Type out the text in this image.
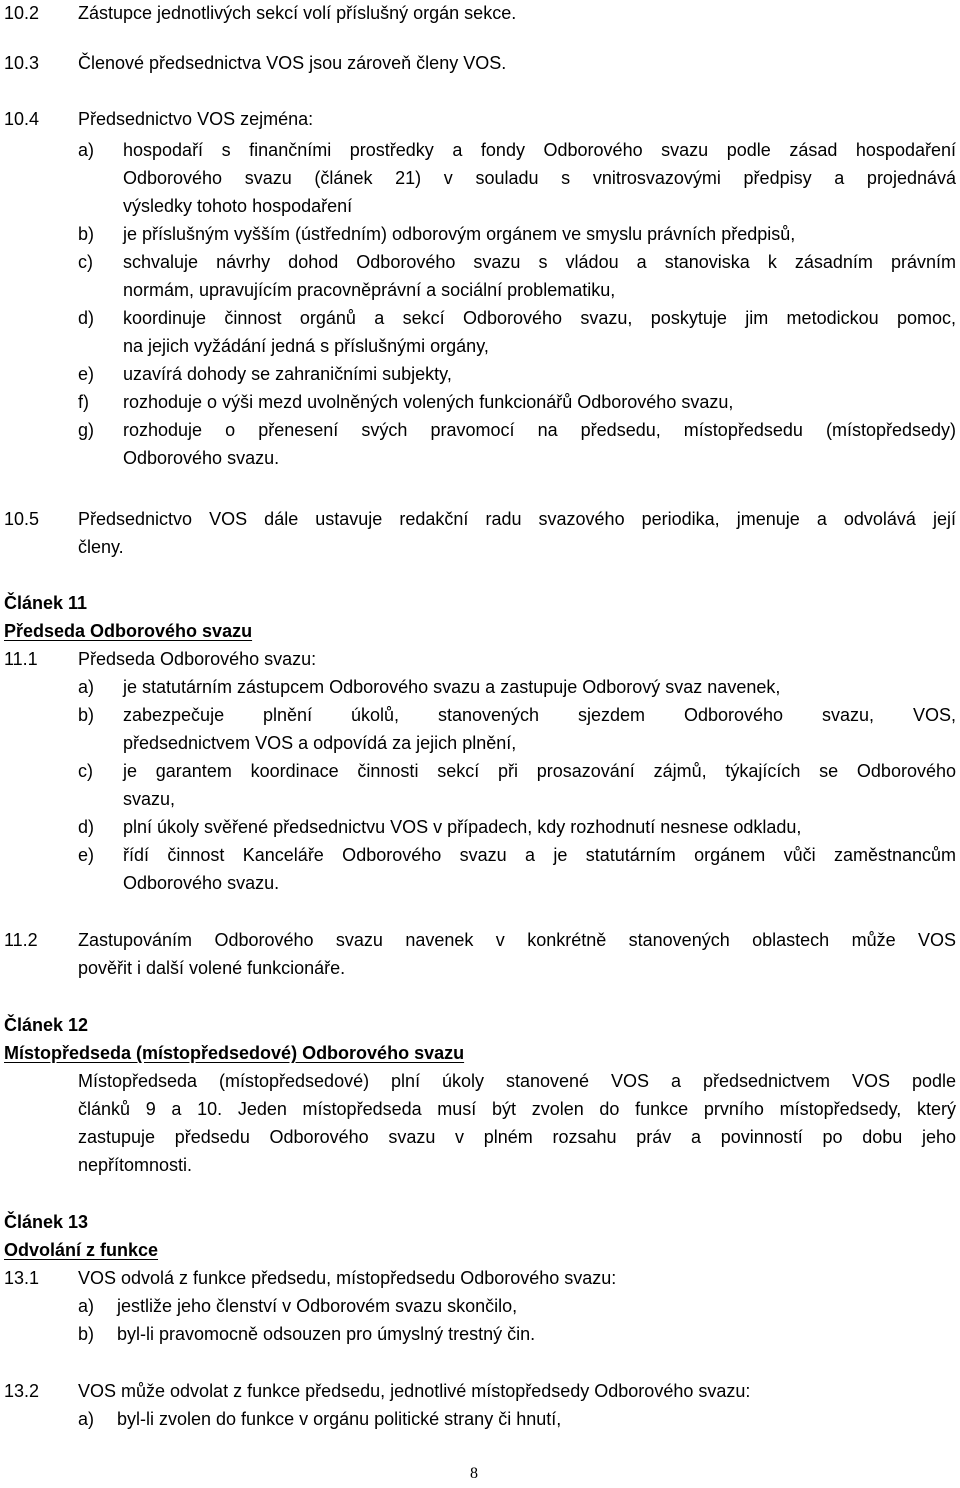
10.2 Zástupce jednotlivých sekcí volí příslušný orgán sekce.
10.3 Členové předsednictva VOS jsou zároveň členy VOS.
10.4 Předsednictvo VOS zejména:
a) hospodaří s finančními prostředky a fondy Odborového svazu podle zásad hospodaření
Odborového svazu (článek 21) v souladu s vnitrosvazovými předpisy a projednává
výsledky tohoto hospodaření
b) je příslušným vyšším (ústředním) odborovým orgánem ve smyslu právních předpisů,
c) schvaluje návrhy dohod Odborového svazu s vládou a stanoviska k zásadním právním
normám, upravujícím pracovněprávní a sociální problematiku,
d) koordinuje činnost orgánů a sekcí Odborového svazu, poskytuje jim metodickou pomoc,
na jejich vyžádání jedná s příslušnými orgány,
e) uzavírá dohody se zahraničními subjekty,
f) rozhoduje o výši mezd uvolněných volených funkcionářů Odborového svazu,
g) rozhoduje o přenesení svých pravomocí na předsedu, místopředsedu (místopředsedy)
Odborového svazu.
10.5 Předsednictvo VOS dále ustavuje redakční radu svazového periodika, jmenuje a odvolává její
členy.
Článek 11
Předseda Odborového svazu
11.1 Předseda Odborového svazu:
a) je statutárním zástupcem Odborového svazu a zastupuje Odborový svaz navenek,
b) zabezpečuje plnění úkolů, stanovených sjezdem Odborového svazu, VOS,
předsednictvem VOS a odpovídá za jejich plnění,
c) je garantem koordinace činnosti sekcí při prosazování zájmů, týkajících se Odborového
svazu,
d) plní úkoly svěřené předsednictvu VOS v případech, kdy rozhodnutí nesnese odkladu,
e) řídí činnost Kanceláře Odborového svazu a je statutárním orgánem vůči zaměstnancům
Odborového svazu.
11.2 Zastupováním Odborového svazu navenek v konkrétně stanovených oblastech může VOS
pověřit i další volené funkcionáře.
Článek 12
Místopředseda (místopředsedové) Odborového svazu
Místopředseda (místopředsedové) plní úkoly stanovené VOS a předsednictvem VOS podle
článků 9 a 10. Jeden místopředseda musí být zvolen do funkce prvního místopředsedy, který
zastupuje předsedu Odborového svazu v plném rozsahu práv a povinností po dobu jeho
nepřítomnosti.
Článek 13
Odvolání z funkce
13.1 VOS odvolá z funkce předsedu, místopředsedu Odborového svazu:
a) jestliže jeho členství v Odborovém svazu skončilo,
b) byl-li pravomocně odsouzen pro úmyslný trestný čin.
13.2 VOS může odvolat z funkce předsedu, jednotlivé místopředsedy Odborového svazu:
a) byl-li zvolen do funkce v orgánu politické strany či hnutí,
8
